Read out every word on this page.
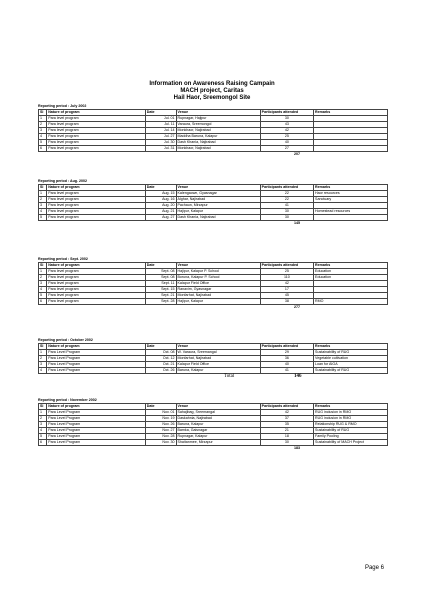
Information on Awareness Raising Campain
MACH project, Caritas
Hail Haor, Sreemongol Site
Reporting period : July 2002
Sl	Nature of program	Date	Venue	Participants attended	Remarks
1	Para level program	Jul. 01	Rupnagar, Hajipur	30	
2	Para level program	Jul. 11	Varaura, Sreemongol	43	
3	Para level program	Jul. 14	Monkhaor, Najirabad	42	
4	Para level program	Jul. 27	Maddha Baruna, Kalapur	25	
5	Para level program	Jul. 30	Dash Khania, Najirabad	40	
6	Para level program	Jul. 31	Monkhaor, Najirabad	27	
207
Reporting period : Aug. 2002
Sl	Nature of program	Date	Venue	Participants attended	Remarks
1	Para level program	Aug. 15	Kalengaown, Gyasnagar	22	Haor resources
2	Para level program	Aug. 16	Alghar, Najirabad	22	Sanctuary
3	Para level program	Aug. 20	Pachaun, Mirzapur	41	
4	Para level program	Aug. 21	Hajipur, Kalapur	30	Homestead resources
5	Para level program	Aug. 27	Dash Khania, Najirabad	30	
145
Reporting period : Sept. 2002
Sl	Nature of program	Date	Venue	Participants attended	Remarks
1	Para level program	Sept. 08	Hajipur, Kalapur P. School	25	Education
2	Para level program	Sept. 08	Boruna, Kalapur P. School	110	Education
3	Para level program	Sept. 11	Kalapur Field Office	42	
4	Para level program	Sept. 15	Ranavim, Gyasnagar	17	
5	Para level program	Sept. 21	Monfarhat, Najirabad	45	
6	Para level program	Sept. 28	Hajipur, Kalapur	38	RMO
277
Reporting period : October 2002
Sl	Nature of program	Date	Venue	Participants attended	Remarks
1	Para Level Program	Oct. 08	W. Varaura, Sreemangal	29	Sustainability of RUG
2	Para Level Program	Oct. 12	Monfarhat, Najirabad	36	Vegetable cultivation
3	Para Level Program	Oct. 21	Kalapur Field Office	40	Loan for AIGA
4	Para Level Program	Oct. 26	Baruna, Kalapur	41	Sustainability of RUG
Total	146
Reporting period : November 2002
Sl	Nature of program	Date	Venue	Participants attended	Remarks
1	Para Level Program	Nov. 01	Sahajibag, Sreemangal	42	RUG inclusion in RMO
2	Para Level Program	Nov. 19	Daskahnia, Najirabad	37	RUG inclusion in RMO
3	Para Level Program	Nov. 26	Baruna, Kalapur	35	Relationship RUG & RMO
4	Para Level Program	Nov. 27	Bamka, Gaisnagar	21	Sustainability of RUG
5	Para Level Program	Nov. 28	Rupnagar, Kalapur	18	Family Pooling
6	Para Level Program	Nov. 30	Shaitanmee, Mirzapur	30	Sustainability of MACH Project
183
Page 6
